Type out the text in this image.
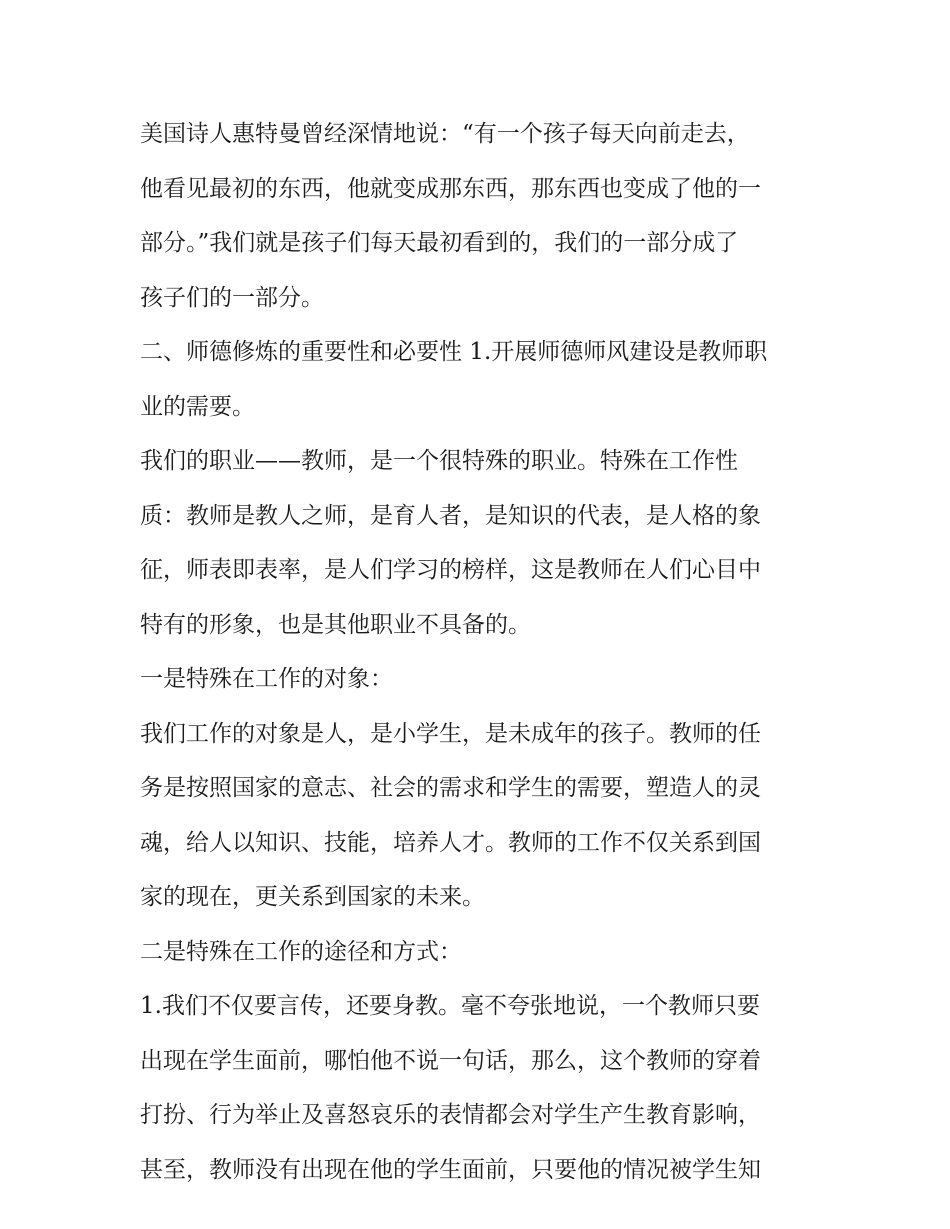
美国诗人惠特曼曾经深情地说：“有一个孩子每天向前走去，
他看见最初的东西，他就变成那东西，那东西也变成了他的一
部分。”我们就是孩子们每天最初看到的，我们的一部分成了
孩子们的一部分。
二、师德修炼的重要性和必要性 1.开展师德师风建设是教师职
业的需要。
我们的职业——教师，是一个很特殊的职业。特殊在工作性
质：教师是教人之师，是育人者，是知识的代表，是人格的象
征，师表即表率，是人们学习的榜样，这是教师在人们心目中
特有的形象，也是其他职业不具备的。
一是特殊在工作的对象：
我们工作的对象是人，是小学生，是未成年的孩子。教师的任
务是按照国家的意志、社会的需求和学生的需要，塑造人的灵
魂，给人以知识、技能，培养人才。教师的工作不仅关系到国
家的现在，更关系到国家的未来。
二是特殊在工作的途径和方式：
1.我们不仅要言传，还要身教。毫不夸张地说，一个教师只要
出现在学生面前，哪怕他不说一句话，那么，这个教师的穿着
打扮、行为举止及喜怒哀乐的表情都会对学生产生教育影响，
甚至，教师没有出现在他的学生面前，只要他的情况被学生知
